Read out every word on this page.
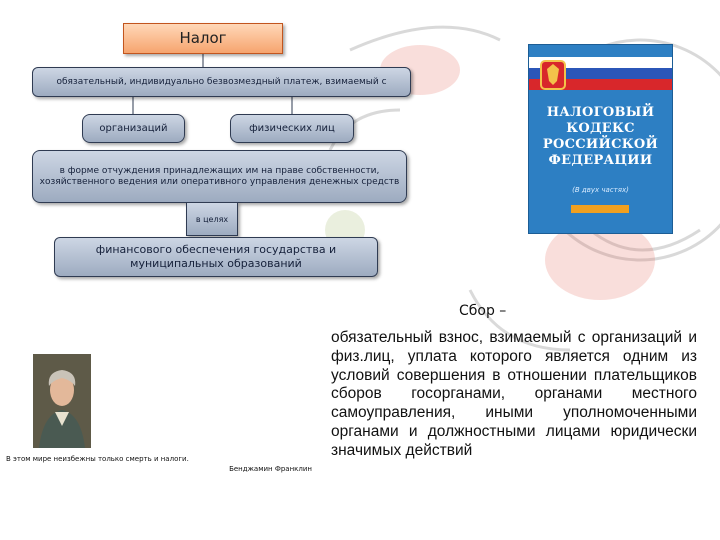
Налог
обязательный, индивидуально безвозмездный платеж, взимаемый с
организаций	физических лиц
в форме отчуждения принадлежащих им на праве собственности, хозяйственного ведения или оперативного управления денежных средств
в целях
финансового обеспечения государства и муниципальных образований
НАЛОГОВЫЙ КОДЕКС РОССИЙСКОЙ ФЕДЕРАЦИИ
(В двух частях)
В этом мире неизбежны только смерть и налоги.
Бенджамин Франклин
Сбор –
обязательный взнос, взимаемый с организаций и физ.лиц, уплата которого является одним из условий совершения в отношении плательщиков сборов госорганами, органами местного самоуправления, иными уполномоченными органами и должностными лицами юридически значимых действий
